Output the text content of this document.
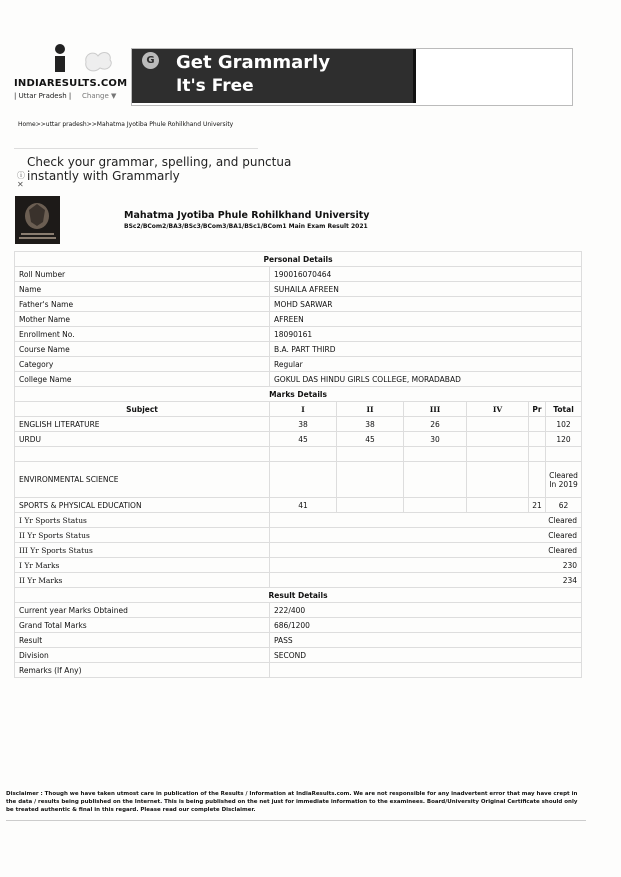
INDIARESULTS.COM
| Uttar Pradesh | Change ▼
G Get Grammarly
It's Free
Home>>uttar pradesh>>Mahatma Jyotiba Phule Rohilkhand University
Check your grammar, spelling, and punctua
instantly with Grammarly
ⓘ
✕
Mahatma Jyotiba Phule Rohilkhand University
BSc2/BCom2/BA3/BSc3/BCom3/BA1/BSc1/BCom1 Main Exam Result 2021
Personal Details						
Roll Number	190016070464					
Name	SUHAILA AFREEN					
Father's Name	MOHD SARWAR					
Mother Name	AFREEN					
Enrollment No.	18090161					
Course Name	B.A. PART THIRD					
Category	Regular					
College Name	GOKUL DAS HINDU GIRLS COLLEGE, MORADABAD					
Marks Details						
Subject	I	II	III	IV	Pr	Total
ENGLISH LITERATURE	38	38	26			102
URDU	45	45	30			120

ENVIRONMENTAL SCIENCE						Cleared In 2019
SPORTS & PHYSICAL EDUCATION	41				21	62
I Yr Sports Status	Cleared					
II Yr Sports Status	Cleared					
III Yr Sports Status	Cleared					
I Yr Marks	230					
II Yr Marks	234					
Result Details						
Current year Marks Obtained	222/400					
Grand Total Marks	686/1200					
Result	PASS					
Division	SECOND					
Remarks (If Any)						
Disclaimer : Though we have taken utmost care in publication of the Results / Information at IndiaResults.com. We are not responsible for any inadvertent error that may have crept in the data / results being published on the Internet. This is being published on the net just for immediate information to the examinees. Board/University Original Certificate should only be treated authentic & final in this regard. Please read our complete Disclaimer.
